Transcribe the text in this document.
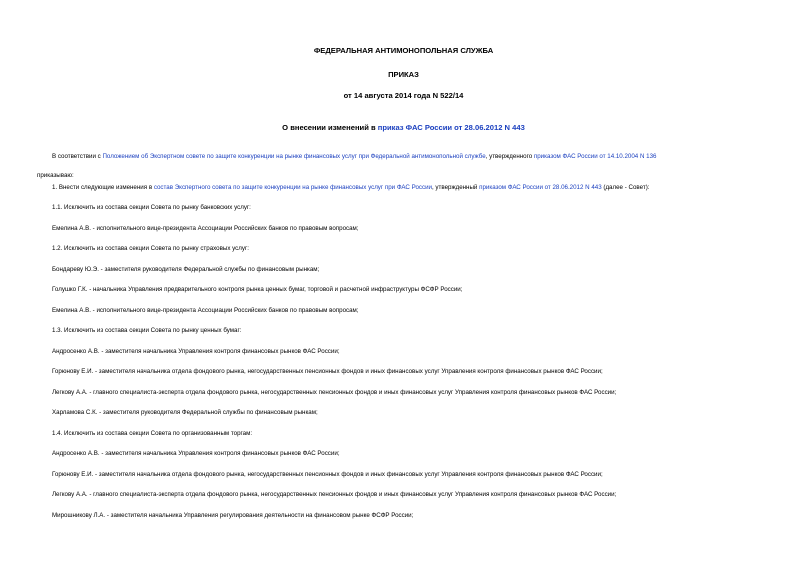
ФЕДЕРАЛЬНАЯ АНТИМОНОПОЛЬНАЯ СЛУЖБА
ПРИКАЗ
от 14 августа 2014 года N 522/14
О внесении изменений в приказ ФАС России от 28.06.2012 N 443
В соответствии с Положением об Экспертном совете по защите конкуренции на рынке финансовых услуг при Федеральной антимонопольной службе, утвержденного приказом ФАС России от 14.10.2004 N 136
приказываю:
1. Внести следующие изменения в состав Экспертного совета по защите конкуренции на рынке финансовых услуг при ФАС России, утвержденный приказом ФАС России от 28.06.2012 N 443 (далее - Совет):
1.1. Исключить из состава секции Совета по рынку банковских услуг:
Емелина А.В. - исполнительного вице-президента Ассоциации Российских банков по правовым вопросам;
1.2. Исключить из состава секции Совета по рынку страховых услуг:
Бондареву Ю.Э. - заместителя руководителя Федеральной службы по финансовым рынкам;
Голушко Г.К. - начальника Управления предварительного контроля рынка ценных бумаг, торговой и расчетной инфраструктуры ФСФР России;
Емелина А.В. - исполнительного вице-президента Ассоциации Российских банков по правовым вопросам;
1.3. Исключить из состава секции Совета по рынку ценных бумаг:
Андросенко А.В. - заместителя начальника Управления контроля финансовых рынков ФАС России;
Горюнову Е.И. - заместителя начальника отдела фондового рынка, негосударственных пенсионных фондов и иных финансовых услуг Управления контроля финансовых рынков ФАС России;
Легкову А.А. - главного специалиста-эксперта отдела фондового рынка, негосударственных пенсионных фондов и иных финансовых услуг Управления контроля финансовых рынков ФАС России;
Харламова С.К. - заместителя руководителя Федеральной службы по финансовым рынкам;
1.4. Исключить из состава секции Совета по организованным торгам:
Андросенко А.В. - заместителя начальника Управления контроля финансовых рынков ФАС России;
Горюнову Е.И. - заместителя начальника отдела фондового рынка, негосударственных пенсионных фондов и иных финансовых услуг Управления контроля финансовых рынков ФАС России;
Легкову А.А. - главного специалиста-эксперта отдела фондового рынка, негосударственных пенсионных фондов и иных финансовых услуг Управления контроля финансовых рынков ФАС России;
Мирошникову Л.А. - заместителя начальника Управления регулирования деятельности на финансовом рынке ФСФР России;
